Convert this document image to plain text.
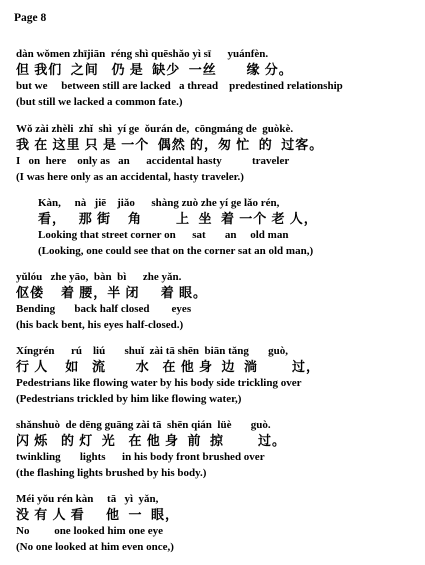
Page 8
dàn wǒmen zhījiān  réng shì quēshǎo yì sī      yuánfèn.
但 我们  之间   仍 是  缺少  一丝       缘 分。
but we     between still are lacked   a thread    predestined relationship
(but still we lacked a common fate.)
Wǒ zài zhèli  zhǐ  shì  yí ge  ǒurán de,  cōngmáng de  guòkè.
我 在 这里 只 是 一个  偶然 的，匆 忙  的  过客。
I   on  here    only as   an      accidental hasty           traveler
(I was here only as an accidental, hasty traveler.)
Kàn,     nà   jiē    jiǎo      shàng zuò zhe yí ge lǎo rén,
看，   那 街    角        上  坐  着 一个 老 人，
Looking that street corner on      sat       an     old man
(Looking, one could see that on the corner sat an old man,)
yǔlóu   zhe yāo,  bàn  bì      zhe yǎn.
伛偻    着 腰，半 闭     着 眼。
Bending       back half closed        eyes
(his back bent, his eyes half-closed.)
Xíngrén      rú    liú       shuǐ  zài tā shēn  biān tǎng       guò,
行 人    如   流       水   在 他 身  边  淌        过，
Pedestrians like flowing water by his body side trickling over
(Pedestrians trickled by him like flowing water,)
shǎnshuò  de dēng guāng zài tā  shēn qián  lüè       guò.
闪 烁   的 灯  光   在 他 身  前  掠        过。
twinkling       lights      in his body front brushed over
(the flashing lights brushed by his body.)
Méi yǒu rén kàn     tā   yì  yǎn,
没 有 人 看     他  一  眼，
No         one looked him one eye
(No one looked at him even once,)
